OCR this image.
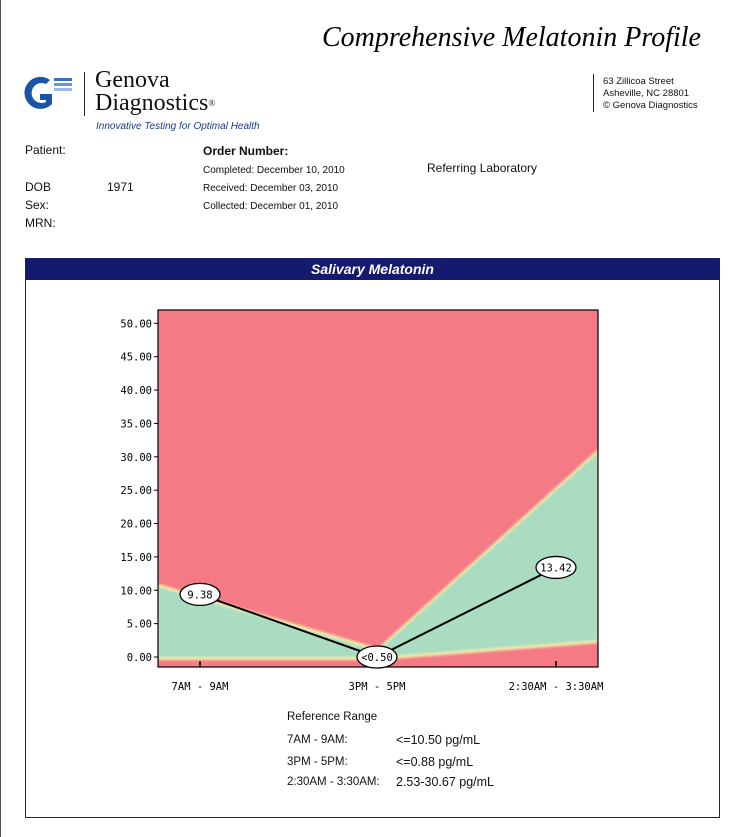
Comprehensive Melatonin Profile
Genova
Diagnostics®
Innovative Testing for Optimal Health
63 Zillicoa Street
Asheville, NC 28801
© Genova Diagnostics
Patient:
DOB	1971
Sex:
MRN:
Order Number:
Completed: December 10, 2010
Received: December 03, 2010
Collected: December 01, 2010
Referring Laboratory
Salivary Melatonin
0.00
5.00
10.00
15.00
20.00
25.00
30.00
35.00
40.00
45.00
50.00
7AM - 9AM	3PM - 5PM	2:30AM - 3:30AM
9.38
<0.50
13.42
Reference Range
7AM - 9AM:	<=10.50 pg/mL
3PM - 5PM:	<=0.88 pg/mL
2:30AM - 3:30AM: 2.53-30.67 pg/mL
